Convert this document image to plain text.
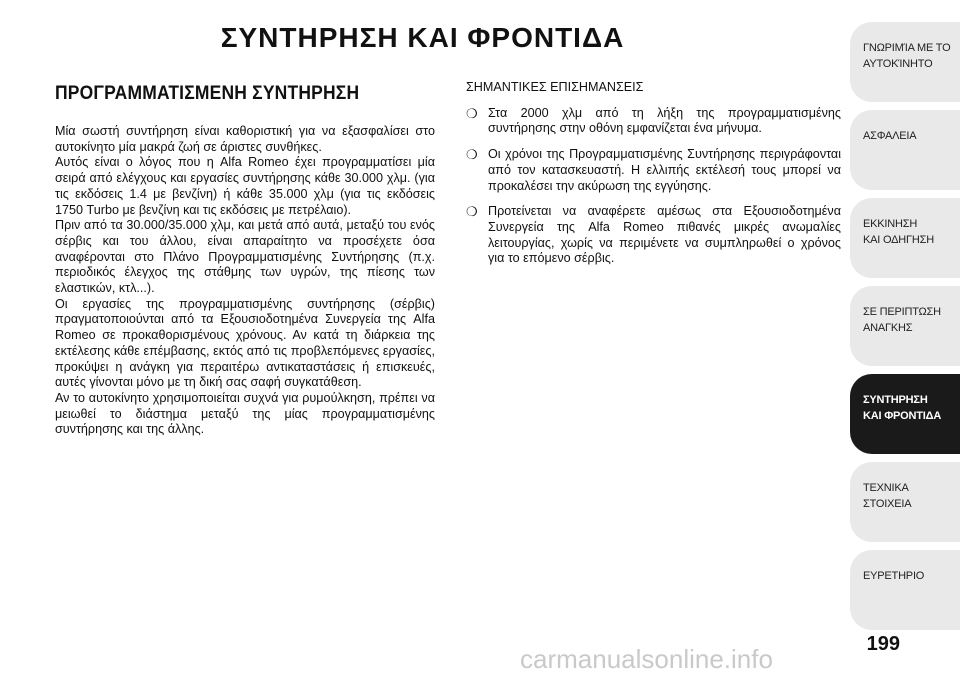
ΣΥΝΤΗΡΗΣΗ ΚΑΙ ΦΡΟΝΤΙΔΑ
ΠΡΟΓΡΑΜΜΑΤΙΣΜΕΝΗ ΣΥΝΤΗΡΗΣΗ

Μία σωστή συντήρηση είναι καθοριστική για να εξασφαλίσει στο αυτοκίνητο μία μακρά ζωή σε άριστες συνθήκες.

Αυτός είναι ο λόγος που η Alfa Romeo έχει προγραμματίσει μία σειρά από ελέγχους και εργασίες συντήρησης κάθε 30.000 χλμ. (για τις εκδόσεις 1.4 με βενζίνη) ή κάθε 35.000 χλμ (για τις εκδόσεις 1750 Turbo με βενζίνη και τις εκδόσεις με πετρέλαιο).

Πριν από τα 30.000/35.000 χλμ, και μετά από αυτά, μεταξύ του ενός σέρβις και του άλλου, είναι απαραίτητο να προσέχετε όσα αναφέρονται στο Πλάνο Προγραμματισμένης Συντήρησης (π.χ. περιοδικός έλεγχος της στάθμης των υγρών, της πίεσης των ελαστικών, κτλ...).

Οι εργασίες της προγραμματισμένης συντήρησης (σέρβις) πραγματοποιούνται από τα Εξουσιοδοτημένα Συνεργεία της Alfa Romeo σε προκαθορισμένους χρόνους. Αν κατά τη διάρκεια της εκτέλεσης κάθε επέμβασης, εκτός από τις προβλεπόμενες εργασίες, προκύψει η ανάγκη για περαιτέρω αντικαταστάσεις ή επισκευές, αυτές γίνονται μόνο με τη δική σας σαφή συγκατάθεση.

Αν το αυτοκίνητο χρησιμοποιείται συχνά για ρυμούλκηση, πρέπει να μειωθεί το διάστημα μεταξύ της μίας προγραμματισμένης συντήρησης και της άλλης.

ΣΗΜΑΝΤΙΚΕΣ ΕΠΙΣΗΜΑΝΣΕΙΣ
❍ Στα 2000 χλμ από τη λήξη της προγραμματισμένης συντήρησης στην οθόνη εμφανίζεται ένα μήνυμα.
❍ Οι χρόνοι της Προγραμματισμένης Συντήρησης περιγράφονται από τον κατασκευαστή. Η ελλιπής εκτέλεσή τους μπορεί να προκαλέσει την ακύρωση της εγγύησης.
❍ Προτείνεται να αναφέρετε αμέσως στα Εξουσιοδοτημένα Συνεργεία της Alfa Romeo πιθανές μικρές ανωμαλίες λειτουργίας, χωρίς να περιμένετε να συμπληρωθεί ο χρόνος για το επόμενο σέρβις.
ΓΝΩΡΙΜΊΑ ΜΕ ΤΟ
ΑΥΤΟΚΊΝΗΤΟ
ΑΣΦΑΛΕΙΑ
ΕΚΚΙΝΗΣΗ
ΚΑΙ ΟΔΗΓΗΣΗ
ΣΕ ΠΕΡΙΠΤΩΣΗ
ΑΝΑΓΚΗΣ
ΣΥΝΤΗΡΗΣΗ
ΚΑΙ ΦΡΟΝΤΙΔΑ
ΤΕΧΝΙΚΑ
ΣΤΟΙΧΕΙΑ
ΕΥΡΕΤΗΡΙΟ
199
carmanualsonline.info
